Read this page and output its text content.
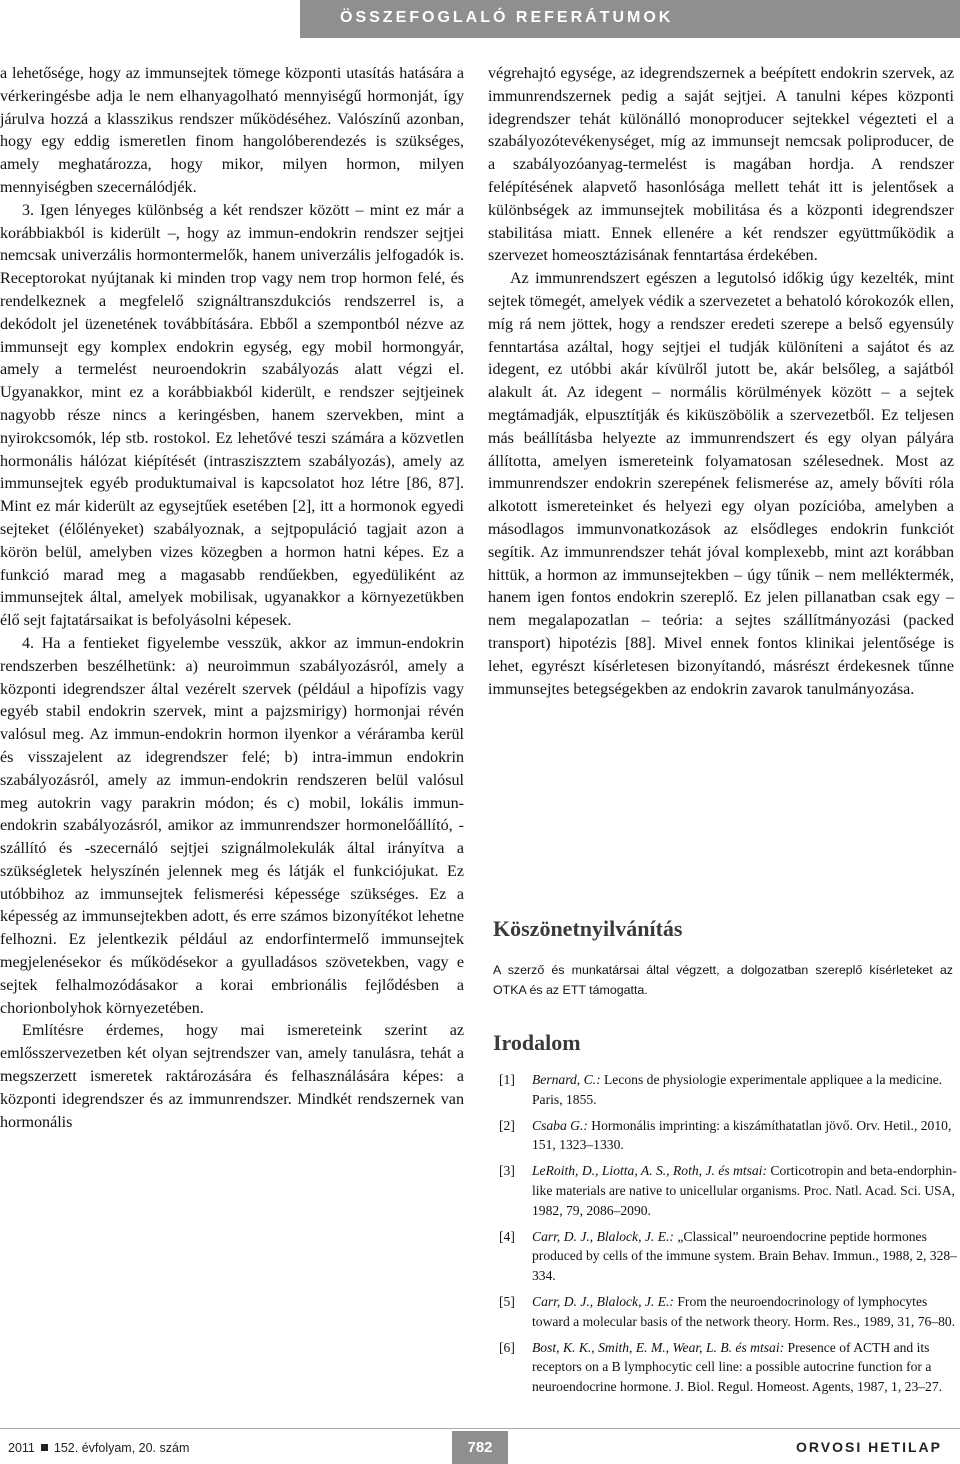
ÖSSZEFOGLALÓ REFERÁTUMOK

a lehetősége, hogy az immunsejtek tömege központi utasítás hatására a vérkeringésbe adja le nem elhanyagolható mennyiségű hormonját, így járulva hozzá a klasszikus rendszer működéséhez. Valószínű azonban, hogy egy eddig ismeretlen finom hangolóberendezés is szükséges, amely meghatározza, hogy mikor, milyen hormon, milyen mennyiségben szecernálódjék.

3. Igen lényeges különbség a két rendszer között – mint ez már a korábbiakból is kiderült –, hogy az immun-endokrin rendszer sejtjei nemcsak univerzális hormontermelők, hanem univerzális jelfogadók is. Receptorokat nyújtanak ki minden trop vagy nem trop hormon felé, és rendelkeznek a megfelelő szignáltranszdukciós rendszerrel is, a dekódolt jel üzenetének továbbítására. Ebből a szempontból nézve az immunsejt egy komplex endokrin egység, egy mobil hormongyár, amely a termelést neuroendokrin szabályozás alatt végzi el. Ugyanakkor, mint ez a korábbiakból kiderült, e rendszer sejtjeinek nagyobb része nincs a keringésben, hanem szervekben, mint a nyirokcsomók, lép stb. rostokol. Ez lehetővé teszi számára a közvetlen hormonális hálózat kiépítését (intrasziszztem szabályozás), amely az immunsejtek egyéb produktumaival is kapcsolatot hoz létre [86, 87]. Mint ez már kiderült az egysejtűek esetében [2], itt a hormonok egyedi sejteket (élőlényeket) szabályoznak, a sejtpopuláció tagjait azon a körön belül, amelyben vizes közegben a hormon hatni képes. Ez a funkció marad meg a magasabb rendűekben, egyedüliként az immunsejtek által, amelyek mobilisak, ugyanakkor a környezetükben élő sejt fajtatársaikat is befolyásolni képesek.

4. Ha a fentieket figyelembe vesszük, akkor az immun-endokrin rendszerben beszélhetünk: a) neuroimmun szabályozásról, amely a központi idegrendszer által vezérelt szervek (például a hipofízis vagy egyéb stabil endokrin szervek, mint a pajzsmirigy) hormonjai révén valósul meg. Az immun-endokrin hormon ilyenkor a véráramba kerül és visszajelent az idegrendszer felé; b) intra-immun endokrin szabályozásról, amely az immun-endokrin rendszeren belül valósul meg autokrin vagy parakrin módon; és c) mobil, lokális immun-endokrin szabályozásról, amikor az immunrendszer hormonelőállító, -szállító és -szecernáló sejtjei szignálmolekulák által irányítva a szükségletek helyszínén jelennek meg és látják el funkciójukat. Ez utóbbihoz az immunsejtek felismerési képessége szükséges. Ez a képesség az immunsejtekben adott, és erre számos bizonyítékot lehetne felhozni. Ez jelentkezik például az endorfintermelő immunsejtek megjelenésekor és működésekor a gyulladásos szövetekben, vagy e sejtek felhalmozódásakor a korai embrionális fejlődésben a chorionbolyhok környezetében.

Említésre érdemes, hogy mai ismereteink szerint az emlősszervezetben két olyan sejtrendszer van, amely tanulásra, tehát a megszerzett ismeretek raktározására és felhasználására képes: a központi idegrendszer és az immunrendszer. Mindkét rendszernek van hormonális

végrehajtó egysége, az idegrendszernek a beépített endokrin szervek, az immunrendszernek pedig a saját sejtjei. A tanulni képes központi idegrendszer tehát különálló monoproducer sejtekkel végezteti el a szabályozótevékenységet, míg az immunsejt nemcsak poliproducer, de a szabályozóanyag-termelést is magában hordja. A rendszer felépítésének alapvető hasonlósága mellett tehát itt is jelentősek a különbségek az immunsejtek mobilitása és a központi idegrendszer stabilitása miatt. Ennek ellenére a két rendszer együttműködik a szervezet homeosztázisának fenntartása érdekében.

Az immunrendszert egészen a legutolsó időkig úgy kezelték, mint sejtek tömegét, amelyek védik a szervezetet a behatoló kórokozók ellen, míg rá nem jöttek, hogy a rendszer eredeti szerepe a belső egyensúly fenntartása azáltal, hogy sejtjei el tudják különíteni a sajátot és az idegent, ez utóbbi akár kívülről jutott be, akár belsőleg, a sajátból alakult át. Az idegent – normális körülmények között – a sejtek megtámadják, elpusztítják és kiküszöbölik a szervezetből. Ez teljesen más beállításba helyezte az immunrendszert és egy olyan pályára állította, amelyen ismereteink folyamatosan szélesednek. Most az immunrendszer endokrin szerepének felismerése az, amely bővíti róla alkotott ismereteinket és helyezi egy olyan pozícióba, amelyben a másodlagos immunvonatkozások az elsődleges endokrin funkciót segítik. Az immunrendszer tehát jóval komplexebb, mint azt korábban hittük, a hormon az immunsejtekben – úgy tűnik – nem melléktermék, hanem igen fontos endokrin szereplő. Ez jelen pillanatban csak egy – nem megalapozatlan – teória: a sejtes szállítmányozási (packed transport) hipotézis [88]. Mivel ennek fontos klinikai jelentősége is lehet, egyrészt kísérletesen bizonyítandó, másrészt érdekesnek tűnne immunsejtes betegségekben az endokrin zavarok tanulmányozása.

Köszönetnyilvánítás
A szerző és munkatársai által végzett, a dolgozatban szereplő kísérleteket az OTKA és az ETT támogatta.
Irodalom
[1] Bernard, C.: Lecons de physiologie experimentale appliquee a la medicine. Paris, 1855.
[2] Csaba G.: Hormonális imprinting: a kiszámíthatatlan jövő. Orv. Hetil., 2010, 151, 1323–1330.
[3] LeRoith, D., Liotta, A. S., Roth, J. és mtsai: Corticotropin and beta-endorphin-like materials are native to unicellular organisms. Proc. Natl. Acad. Sci. USA, 1982, 79, 2086–2090.
[4] Carr, D. J., Blalock, J. E.: „Classical” neuroendocrine peptide hormones produced by cells of the immune system. Brain Behav. Immun., 1988, 2, 328–334.
[5] Carr, D. J., Blalock, J. E.: From the neuroendocrinology of lymphocytes toward a molecular basis of the network theory. Horm. Res., 1989, 31, 76–80.
[6] Bost, K. K., Smith, E. M., Wear, L. B. és mtsai: Presence of ACTH and its receptors on a B lymphocytic cell line: a possible autocrine function for a neuroendocrine hormone. J. Biol. Regul. Homeost. Agents, 1987, 1, 23–27.
2011 152. évfolyam, 20. szám	782	ORVOSI HETILAP
